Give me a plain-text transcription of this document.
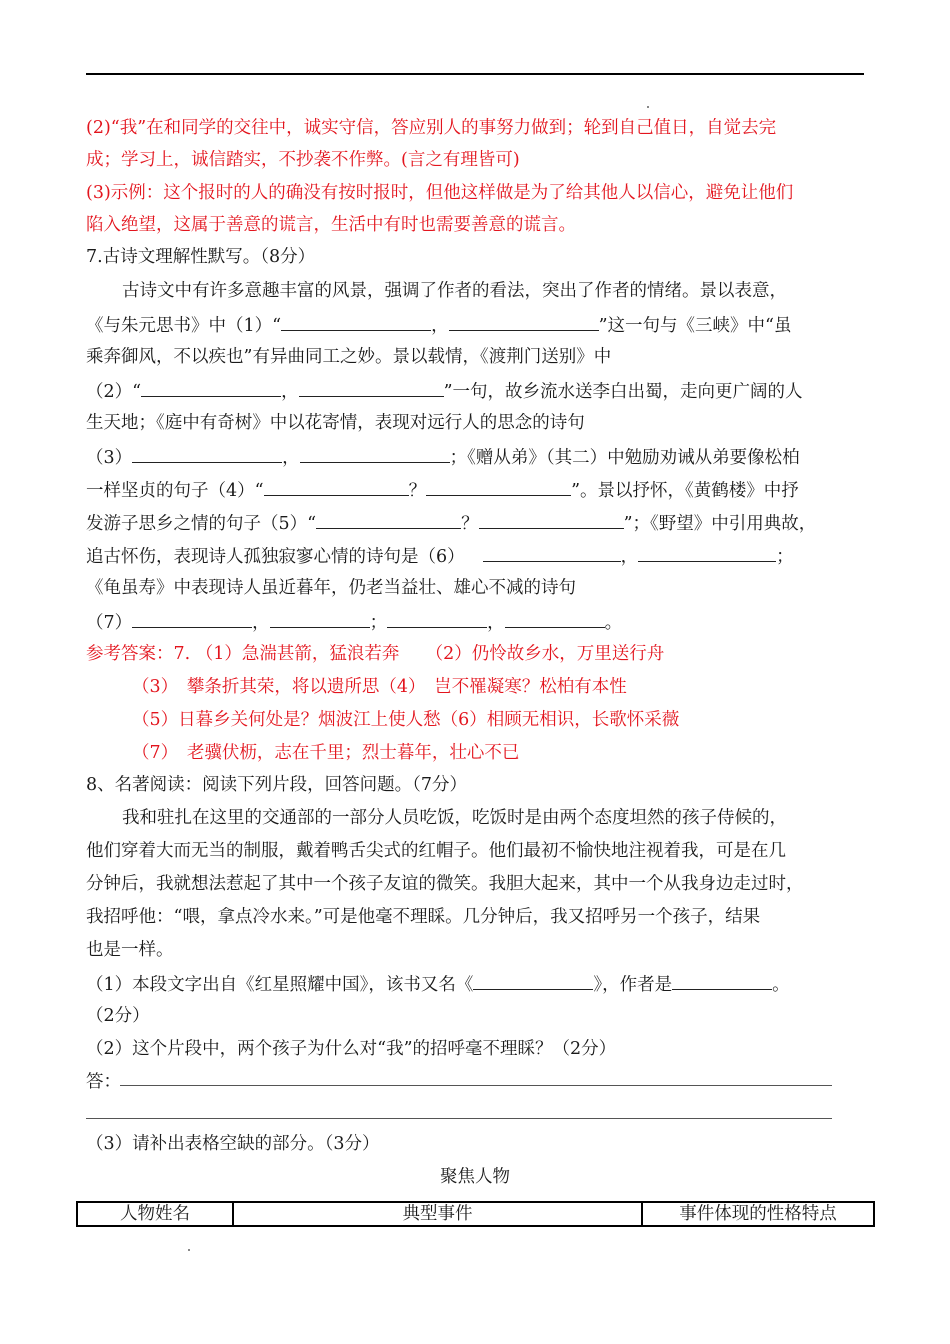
(2)“我”在和同学的交往中，诚实守信，答应别人的事努力做到；轮到自己值日，自觉去完
成；学习上，诚信踏实，不抄袭不作弊。(言之有理皆可)
(3)示例：这个报时的人的确没有按时报时，但他这样做是为了给其他人以信心，避免让他们
陷入绝望，这属于善意的谎言，生活中有时也需要善意的谎言。
7.古诗文理解性默写。（8分）
古诗文中有许多意趣丰富的风景，强调了作者的看法，突出了作者的情绪。景以表意，
《与朱元思书》中（1）“	，	”这一句与《三峡》中“虽
乘奔御风，不以疾也”有异曲同工之妙。景以载情，《渡荆门送别》中
（2）“	，	”一句，故乡流水送李白出蜀，走向更广阔的人
生天地；《庭中有奇树》中以花寄情，表现对远行人的思念的诗句
（3）	，	；《赠从弟》（其二）中勉励劝诫从弟要像松柏
一样坚贞的句子（4）“	？	”。景以抒怀，《黄鹤楼》中抒
发游子思乡之情的句子（5）“	？	”；《野望》中引用典故，
追古怀伤，表现诗人孤独寂寥心情的诗句是（6）	，	；
《龟虽寿》中表现诗人虽近暮年，仍老当益壮、雄心不减的诗句
（7）	，	；	，	。
参考答案：7. （1）急湍甚箭，猛浪若奔　　（2）仍怜故乡水，万里送行舟
（3）　攀条折其荣，将以遗所思（4）　岂不罹凝寒？松柏有本性
（5）日暮乡关何处是？烟波江上使人愁（6）相顾无相识，长歌怀采薇
（7）　老骥伏枥，志在千里；烈士暮年，壮心不已
8、名著阅读：阅读下列片段，回答问题。（7分）
我和驻扎在这里的交通部的一部分人员吃饭，吃饭时是由两个态度坦然的孩子侍候的，
他们穿着大而无当的制服，戴着鸭舌尖式的红帽子。他们最初不愉快地注视着我，可是在几
分钟后，我就想法惹起了其中一个孩子友谊的微笑。我胆大起来，其中一个从我身边走过时，
我招呼他：“喂，拿点冷水来。”可是他毫不理睬。几分钟后，我又招呼另一个孩子，结果
也是一样。
（1）本段文字出自《红星照耀中国》，该书又名《	》，作者是	。
（2分）
（2）这个片段中，两个孩子为什么对“我”的招呼毫不理睬？（2分）
答：
（3）请补出表格空缺的部分。（3分）
聚焦人物
人物姓名	典型事件	事件体现的性格特点
